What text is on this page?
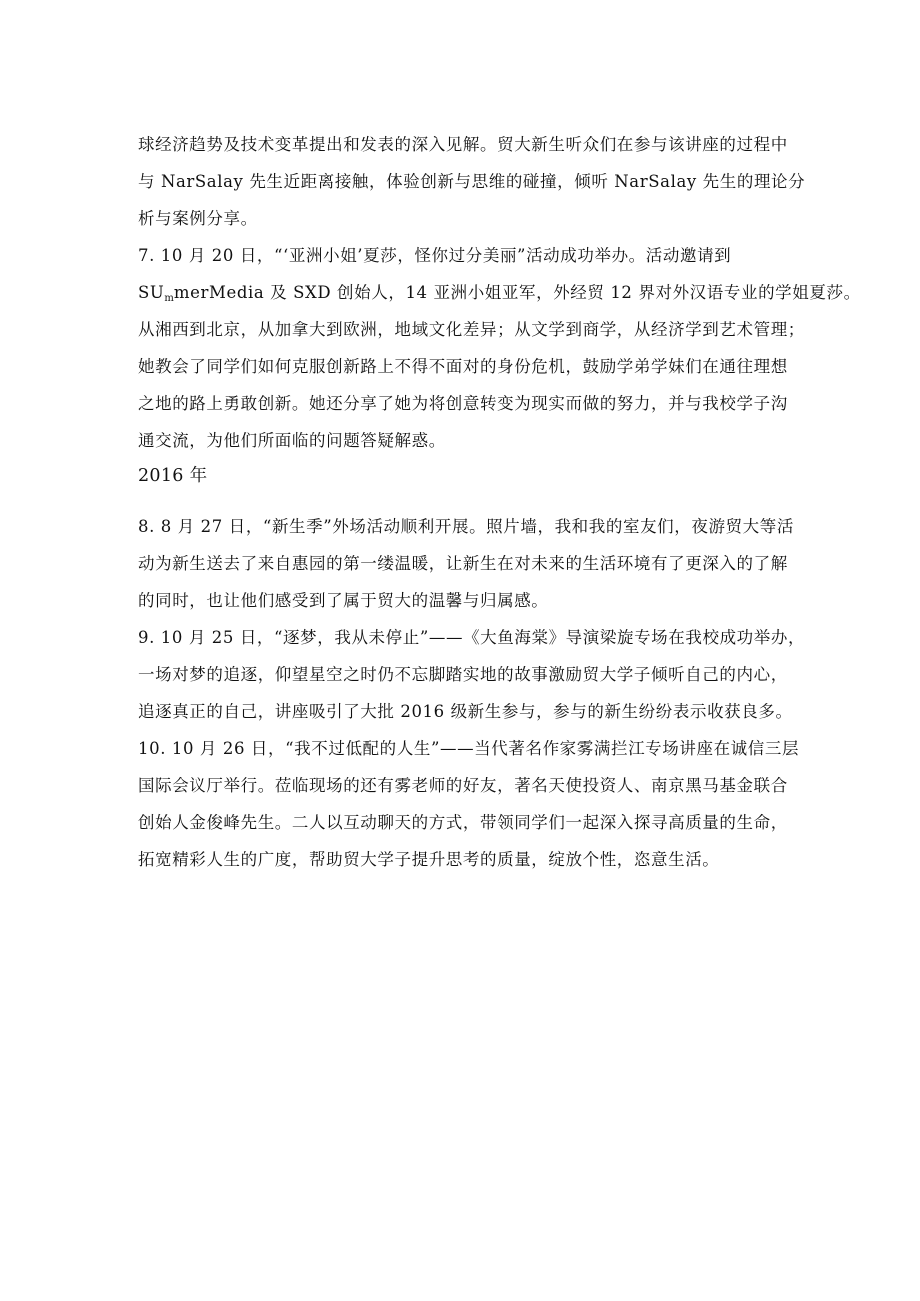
球经济趋势及技术变革提出和发表的深入见解。贸大新生听众们在参与该讲座的过程中
与 NarSalay 先生近距离接触，体验创新与思维的碰撞，倾听 NarSalay 先生的理论分
析与案例分享。
7. 10 月 20 日，“‘亚洲小姐’夏莎，怪你过分美丽”活动成功举办。活动邀请到
$SU_mmerMedia$ 及 SXD 创始人，14 亚洲小姐亚军，外经贸 12 界对外汉语专业的学姐夏莎。
从湘西到北京，从加拿大到欧洲，地域文化差异；从文学到商学，从经济学到艺术管理；
她教会了同学们如何克服创新路上不得不面对的身份危机，鼓励学弟学妹们在通往理想
之地的路上勇敢创新。她还分享了她为将创意转变为现实而做的努力，并与我校学子沟
通交流，为他们所面临的问题答疑解惑。
2016 年
8. 8 月 27 日，“新生季”外场活动顺利开展。照片墙，我和我的室友们，夜游贸大等活
动为新生送去了来自惠园的第一缕温暖，让新生在对未来的生活环境有了更深入的了解
的同时，也让他们感受到了属于贸大的温馨与归属感。
9. 10 月 25 日，“逐梦，我从未停止”——《大鱼海棠》导演梁旋专场在我校成功举办，
一场对梦的追逐，仰望星空之时仍不忘脚踏实地的故事激励贸大学子倾听自己的内心，
追逐真正的自己，讲座吸引了大批 2016 级新生参与，参与的新生纷纷表示收获良多。
10. 10 月 26 日，“我不过低配的人生”——当代著名作家雾满拦江专场讲座在诚信三层
国际会议厅举行。莅临现场的还有雾老师的好友，著名天使投资人、南京黑马基金联合
创始人金俊峰先生。二人以互动聊天的方式，带领同学们一起深入探寻高质量的生命，
拓宽精彩人生的广度，帮助贸大学子提升思考的质量，绽放个性，恣意生活。
